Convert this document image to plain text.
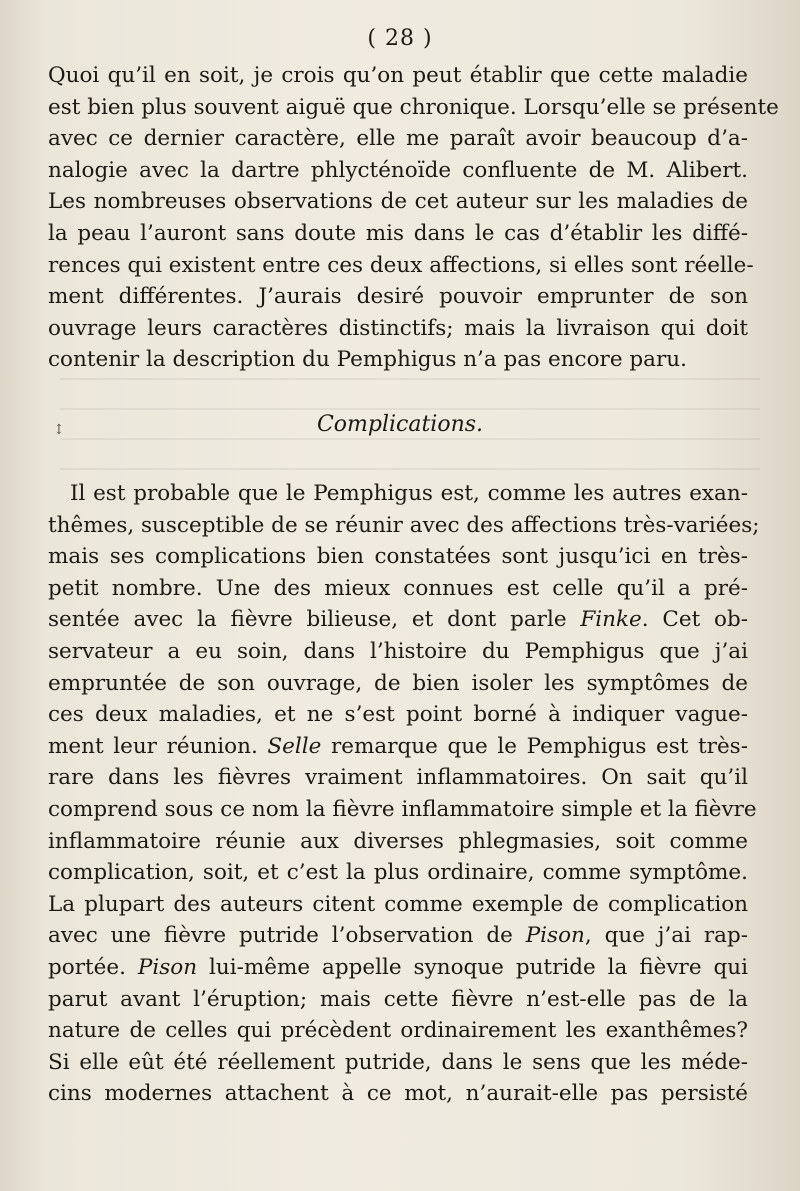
( 28 )
Quoi qu’il en soit, je crois qu’on peut établir que cette maladie
est bien plus souvent aiguë que chronique. Lorsqu’elle se présente
avec ce dernier caractère, elle me paraît avoir beaucoup d’a-
nalogie avec la dartre phlycténoïde confluente de M. Alibert.
Les nombreuses observations de cet auteur sur les maladies de
la peau l’auront sans doute mis dans le cas d’établir les diffé-
rences qui existent entre ces deux affections, si elles sont réelle-
ment différentes. J’aurais desiré pouvoir emprunter de son
ouvrage leurs caractères distinctifs; mais la livraison qui doit
contenir la description du Pemphigus n’a pas encore paru.
↕	Complications.
Il est probable que le Pemphigus est, comme les autres exan-
thêmes, susceptible de se réunir avec des affections très-variées;
mais ses complications bien constatées sont jusqu’ici en très-
petit nombre. Une des mieux connues est celle qu’il a pré-
sentée avec la fièvre bilieuse, et dont parle Finke. Cet ob-
servateur a eu soin, dans l’histoire du Pemphigus que j’ai
empruntée de son ouvrage, de bien isoler les symptômes de
ces deux maladies, et ne s’est point borné à indiquer vague-
ment leur réunion. Selle remarque que le Pemphigus est très-
rare dans les fièvres vraiment inflammatoires. On sait qu’il
comprend sous ce nom la fièvre inflammatoire simple et la fièvre
inflammatoire réunie aux diverses phlegmasies, soit comme
complication, soit, et c’est la plus ordinaire, comme symptôme.
La plupart des auteurs citent comme exemple de complication
avec une fièvre putride l’observation de Pison, que j’ai rap-
portée. Pison lui-même appelle synoque putride la fièvre qui
parut avant l’éruption; mais cette fièvre n’est-elle pas de la
nature de celles qui précèdent ordinairement les exanthêmes?
Si elle eût été réellement putride, dans le sens que les méde-
cins modernes attachent à ce mot, n’aurait-elle pas persisté
